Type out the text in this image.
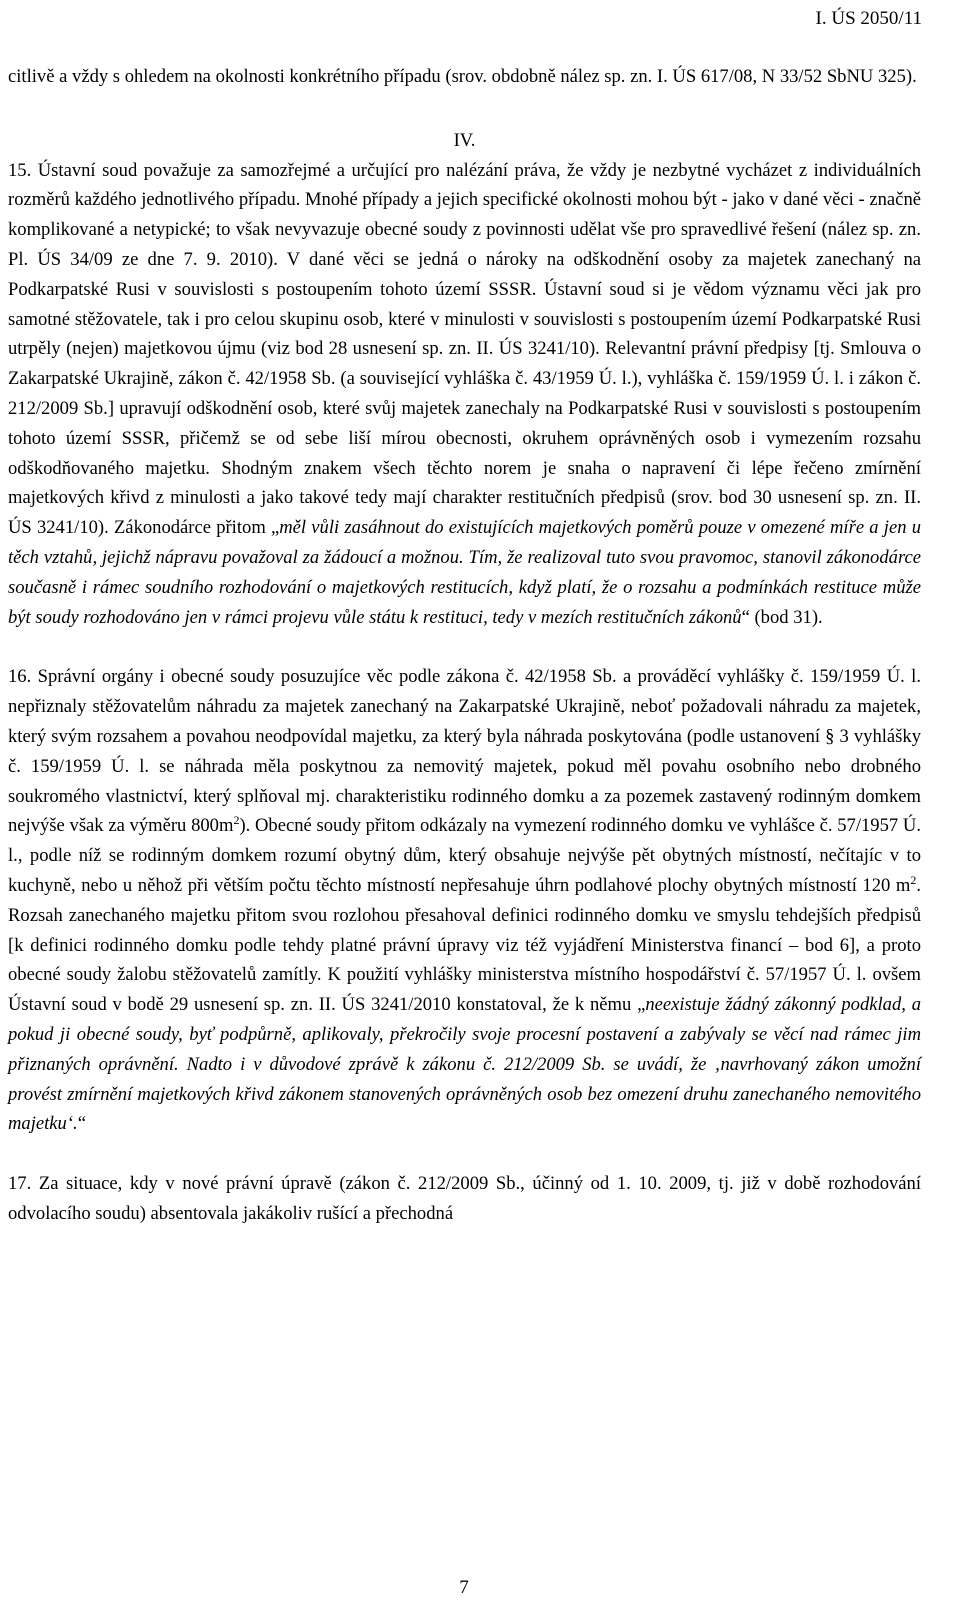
I. ÚS 2050/11

citlivě a vždy s ohledem na okolnosti konkrétního případu (srov. obdobně nález sp. zn. I. ÚS 617/08, N 33/52 SbNU 325).

IV.

15. Ústavní soud považuje za samozřejmé a určující pro nalézání práva, že vždy je nezbytné vycházet z individuálních rozměrů každého jednotlivého případu. Mnohé případy a jejich specifické okolnosti mohou být - jako v dané věci - značně komplikované a netypické; to však nevyvazuje obecné soudy z povinnosti udělat vše pro spravedlivé řešení (nález sp. zn. Pl. ÚS 34/09 ze dne 7. 9. 2010). V dané věci se jedná o nároky na odškodnění osoby za majetek zanechaný na Podkarpatské Rusi v souvislosti s postoupením tohoto území SSSR. Ústavní soud si je vědom významu věci jak pro samotné stěžovatele, tak i pro celou skupinu osob, které v minulosti v souvislosti s postoupením území Podkarpatské Rusi utrpěly (nejen) majetkovou újmu (viz bod 28 usnesení sp. zn. II. ÚS 3241/10). Relevantní právní předpisy [tj. Smlouva o Zakarpatské Ukrajině, zákon č. 42/1958 Sb. (a související vyhláška č. 43/1959 Ú. l.), vyhláška č. 159/1959 Ú. l. i zákon č. 212/2009 Sb.] upravují odškodnění osob, které svůj majetek zanechaly na Podkarpatské Rusi v souvislosti s postoupením tohoto území SSSR, přičemž se od sebe liší mírou obecnosti, okruhem oprávněných osob i vymezením rozsahu odškodňovaného majetku. Shodným znakem všech těchto norem je snaha o napravení či lépe řečeno zmírnění majetkových křivd z minulosti a jako takové tedy mají charakter restitučních předpisů (srov. bod 30 usnesení sp. zn. II. ÚS 3241/10). Zákonodárce přitom „měl vůli zasáhnout do existujících majetkových poměrů pouze v omezené míře a jen u těch vztahů, jejichž nápravu považoval za žádoucí a možnou. Tím, že realizoval tuto svou pravomoc, stanovil zákonodárce současně i rámec soudního rozhodování o majetkových restitucích, když platí, že o rozsahu a podmínkách restituce může být soudy rozhodováno jen v rámci projevu vůle státu k restituci, tedy v mezích restitučních zákonů“ (bod 31).

16. Správní orgány i obecné soudy posuzujíce věc podle zákona č. 42/1958 Sb. a prováděcí vyhlášky č. 159/1959 Ú. l. nepřiznaly stěžovatelům náhradu za majetek zanechaný na Zakarpatské Ukrajině, neboť požadovali náhradu za majetek, který svým rozsahem a povahou neodpovídal majetku, za který byla náhrada poskytována (podle ustanovení § 3 vyhlášky č. 159/1959 Ú. l. se náhrada měla poskytnou za nemovitý majetek, pokud měl povahu osobního nebo drobného soukromého vlastnictví, který splňoval mj. charakteristiku rodinného domku a za pozemek zastavený rodinným domkem nejvýše však za výměru $800m^2$). Obecné soudy přitom odkázaly na vymezení rodinného domku ve vyhlášce č. 57/1957 Ú. l., podle níž se rodinným domkem rozumí obytný dům, který obsahuje nejvýše pět obytných místností, nečítajíc v to kuchyně, nebo u něhož při větším počtu těchto místností nepřesahuje úhrn podlahové plochy obytných místností 120 $m^2$. Rozsah zanechaného majetku přitom svou rozlohou přesahoval definici rodinného domku ve smyslu tehdejších předpisů [k definici rodinného domku podle tehdy platné právní úpravy viz též vyjádření Ministerstva financí – bod 6], a proto obecné soudy žalobu stěžovatelů zamítly. K použití vyhlášky ministerstva místního hospodářství č. 57/1957 Ú. l. ovšem Ústavní soud v bodě 29 usnesení sp. zn. II. ÚS 3241/2010 konstatoval, že k němu „neexistuje žádný zákonný podklad, a pokud ji obecné soudy, byť podpůrně, aplikovaly, překročily svoje procesní postavení a zabývaly se věcí nad rámec jim přiznaných oprávnění. Nadto i v důvodové zprávě k zákonu č. 212/2009 Sb. se uvádí, že ‚navrhovaný zákon umožní provést zmírnění majetkových křivd zákonem stanovených oprávněných osob bez omezení druhu zanechaného nemovitého majetku‘.“

17. Za situace, kdy v nové právní úpravě (zákon č. 212/2009 Sb., účinný od 1. 10. 2009, tj. již v době rozhodování odvolacího soudu) absentovala jakákoliv rušící a přechodná

7
